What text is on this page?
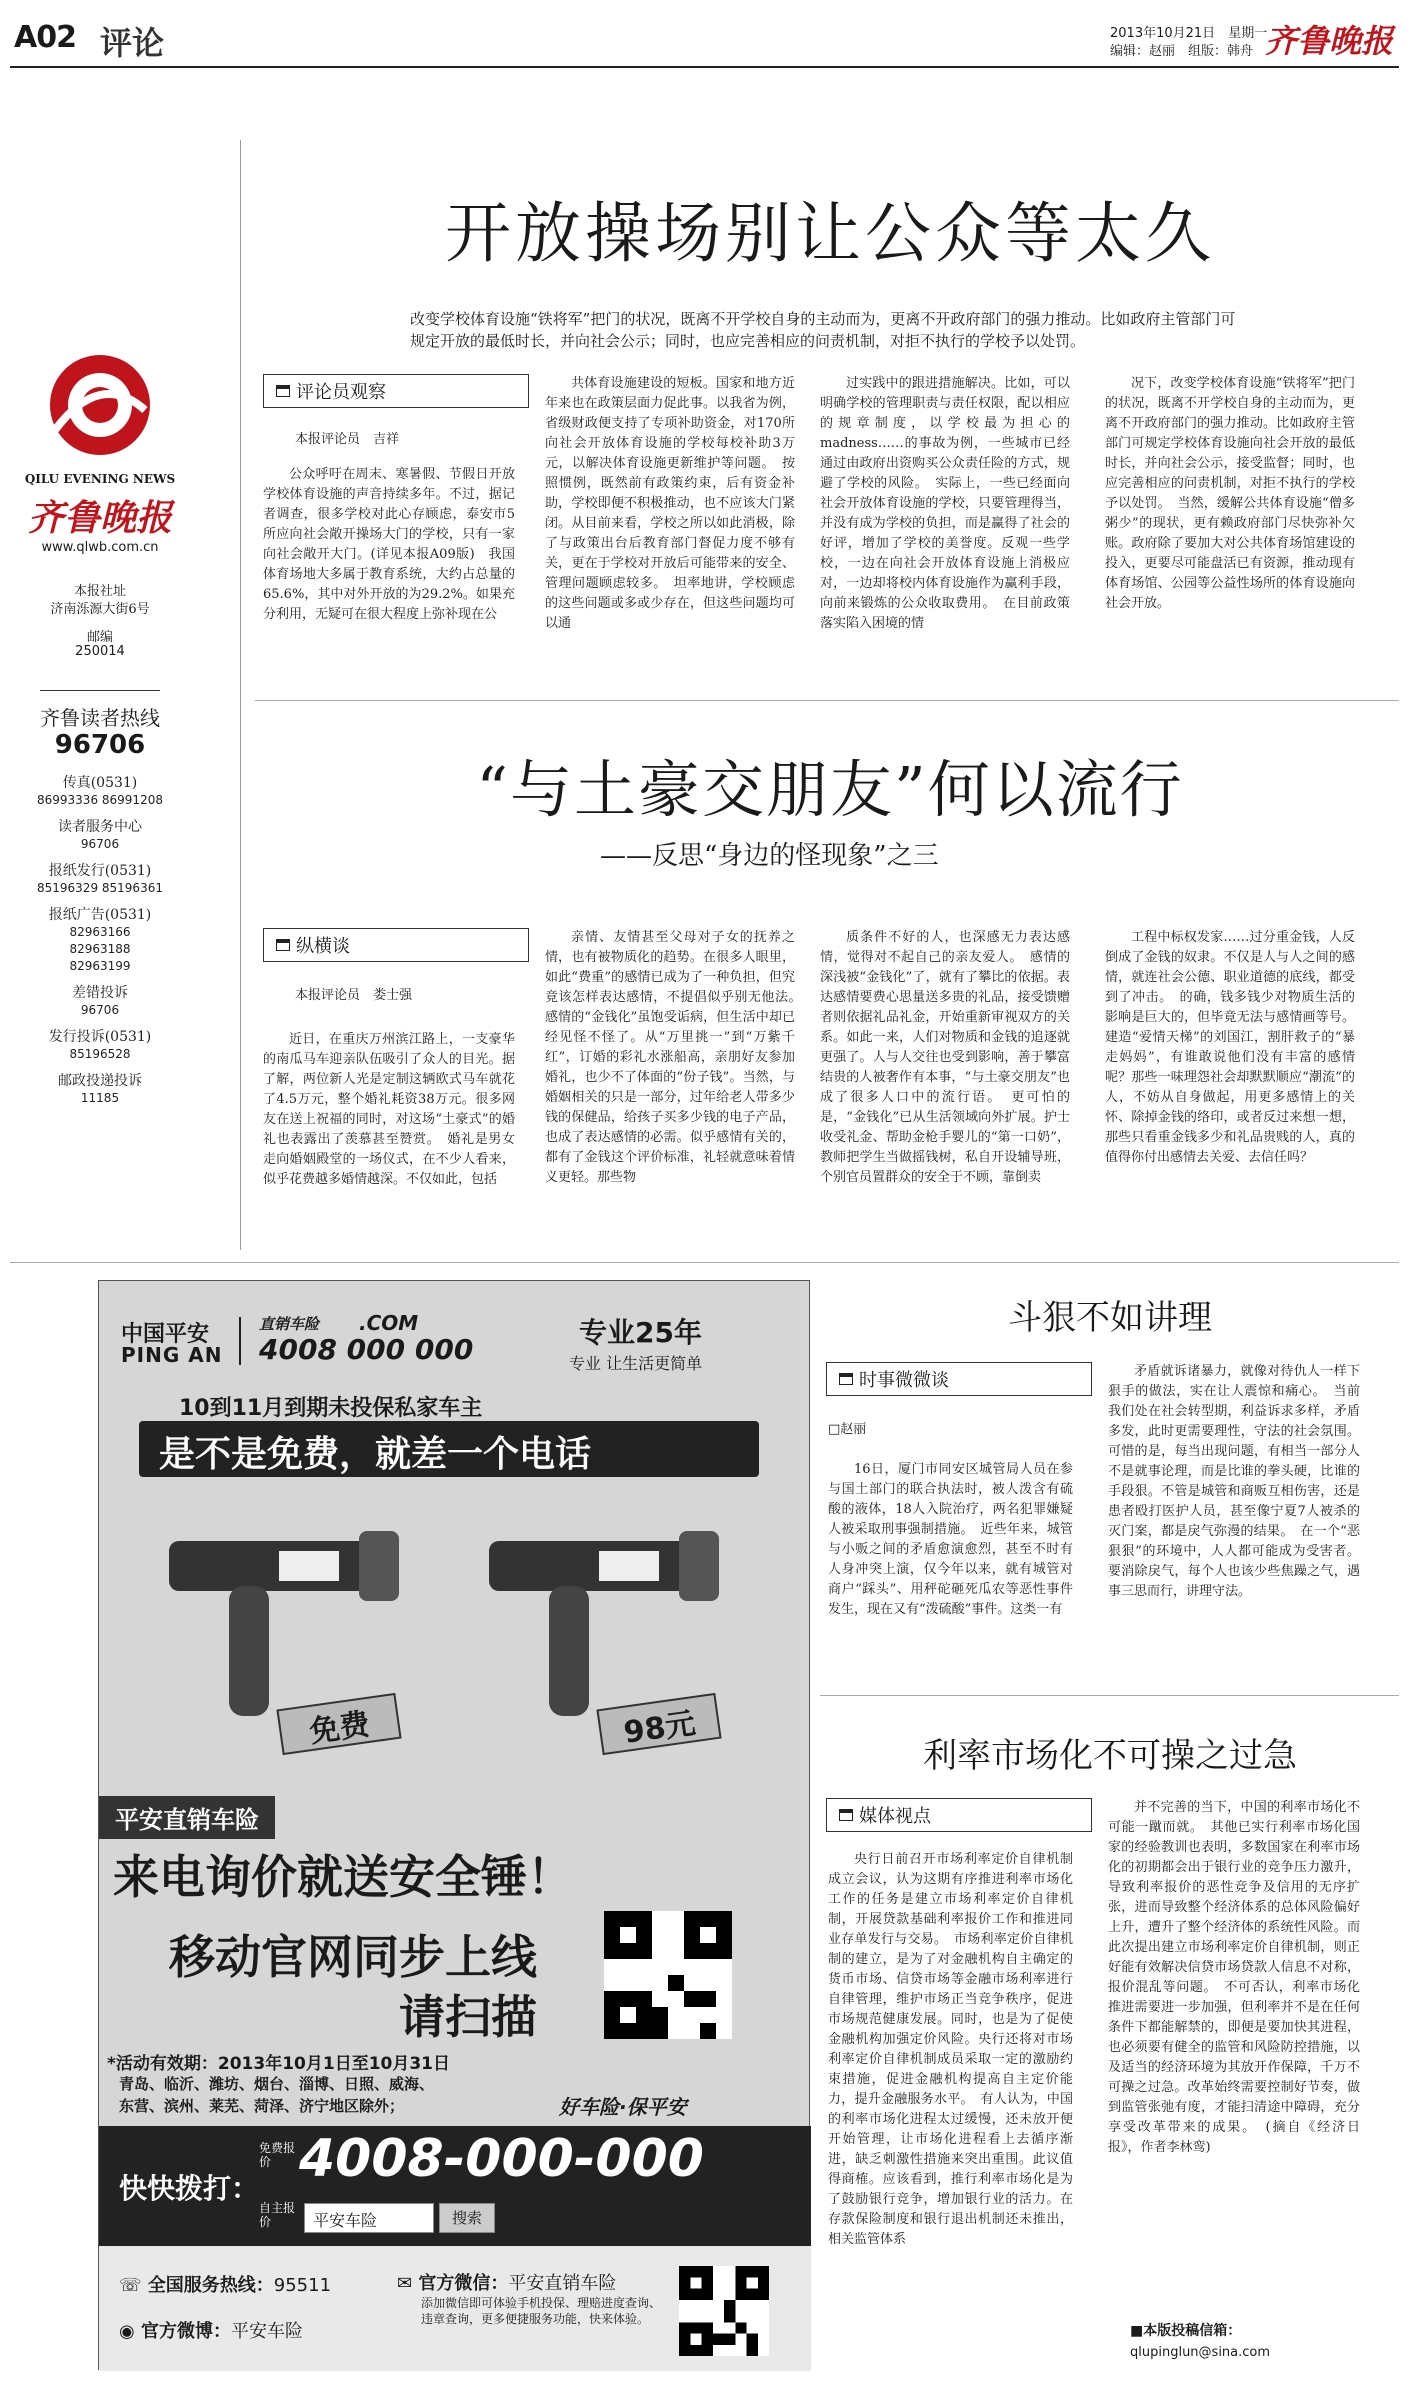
A02 评论	2013年10月21日　 星期一
编辑：赵丽　组版：韩舟 齐鲁晚报
QILU EVENING NEWS
齐鲁晚报
www.qlwb.com.cn
本报社址
济南泺源大街6号
邮编
250014
齐鲁读者热线
96706
传真(0531)
86993336 86991208
读者服务中心
96706
报纸发行(0531)
85196329 85196361
报纸广告(0531)
82963166 82963188 82963199
差错投诉
96706
发行投诉(0531)
85196528
邮政投递投诉
11185
开放操场别让公众等太久
改变学校体育设施“铁将军”把门的状况，既离不开学校自身的主动而为，更离不开政府部门的强力推动。比如政府主管部门可规定开放的最低时长，并向社会公示；同时，也应完善相应的问责机制，对拒不执行的学校予以处罚。
评论员观察
本报评论员　吉祥

公众呼吁在周末、寒暑假、节假日开放学校体育设施的声音持续多年。不过，据记者调查，很多学校对此心存顾虑，泰安市5所应向社会敞开操场大门的学校，只有一家向社会敞开大门。(详见本报A09版)　我国体育场地大多属于教育系统，大约占总量的65.6%，其中对外开放的为29.2%。如果充分利用，无疑可在很大程度上弥补现在公

共体育设施建设的短板。国家和地方近年来也在政策层面力促此事。以我省为例，省级财政便支持了专项补助资金，对170所向社会开放体育设施的学校每校补助3万元，以解决体育设施更新维护等问题。　按照惯例，既然前有政策约束，后有资金补助，学校即便不积极推动，也不应该大门紧闭。从目前来看，学校之所以如此消极，除了与政策出台后教育部门督促力度不够有关，更在于学校对开放后可能带来的安全、管理问题顾虑较多。　坦率地讲，学校顾虑的这些问题或多或少存在，但这些问题均可以通

过实践中的跟进措施解决。比如，可以明确学校的管理职责与责任权限，配以相应的规章制度，以学校最为担心的madness……的事故为例，一些城市已经通过由政府出资购买公众责任险的方式，规避了学校的风险。　实际上，一些已经面向社会开放体育设施的学校，只要管理得当，并没有成为学校的负担，而是赢得了社会的好评，增加了学校的美誉度。反观一些学校，一边在向社会开放体育设施上消极应对，一边却将校内体育设施作为赢利手段，向前来锻炼的公众收取费用。　在目前政策落实陷入困境的情

况下，改变学校体育设施“铁将军”把门的状况，既离不开学校自身的主动而为，更离不开政府部门的强力推动。比如政府主管部门可规定学校体育设施向社会开放的最低时长，并向社会公示，接受监督；同时，也应完善相应的问责机制，对拒不执行的学校予以处罚。　当然，缓解公共体育设施“僧多粥少”的现状，更有赖政府部门尽快弥补欠账。政府除了要加大对公共体育场馆建设的投入，更要尽可能盘活已有资源，推动现有体育场馆、公园等公益性场所的体育设施向社会开放。

“与土豪交朋友”何以流行
——反思“身边的怪现象”之三
纵横谈
本报评论员　娄士强

近日，在重庆万州滨江路上，一支豪华的南瓜马车迎亲队伍吸引了众人的目光。据了解，两位新人光是定制这辆欧式马车就花了4.5万元，整个婚礼耗资38万元。很多网友在送上祝福的同时，对这场“土豪式”的婚礼也表露出了羡慕甚至赞赏。　婚礼是男女走向婚姻殿堂的一场仪式，在不少人看来，似乎花费越多婚情越深。不仅如此，包括

亲情、友情甚至父母对子女的抚养之情，也有被物质化的趋势。在很多人眼里，如此“费重”的感情已成为了一种负担，但究竟该怎样表达感情，不提倡似乎别无他法。　感情的“金钱化”虽饱受诟病，但生活中却已经见怪不怪了。从“万里挑一”到“万紫千红”，订婚的彩礼水涨船高，亲朋好友参加婚礼，也少不了体面的“份子钱”。当然，与婚姻相关的只是一部分，过年给老人带多少钱的保健品，给孩子买多少钱的电子产品，也成了表达感情的必需。似乎感情有关的，都有了金钱这个评价标准，礼轻就意味着情义更轻。那些物

质条件不好的人，也深感无力表达感情，觉得对不起自己的亲友爱人。　感情的深浅被“金钱化”了，就有了攀比的依据。表达感情要费心思量送多贵的礼品，接受馈赠者则依据礼品礼金，开始重新审视双方的关系。如此一来，人们对物质和金钱的追逐就更强了。人与人交往也受到影响，善于攀富结贵的人被奢作有本事，“与土豪交朋友”也成了很多人口中的流行语。　更可怕的是，“金钱化”已从生活领域向外扩展。护士收受礼金、帮助金枪手婴儿的“第一口奶”，教师把学生当做摇钱树，私自开设辅导班，个别官员置群众的安全于不顾，靠倒卖

工程中标权发家……过分重金钱，人反倒成了金钱的奴隶。不仅是人与人之间的感情，就连社会公德、职业道德的底线，都受到了冲击。　的确，钱多钱少对物质生活的影响是巨大的，但毕竟无法与感情画等号。建造“爱情天梯”的刘国江，割肝救子的“暴走妈妈”，有谁敢说他们没有丰富的感情呢？那些一味理怨社会却默默顺应“潮流”的人，不妨从自身做起，用更多感情上的关怀、除掉金钱的络印，或者反过来想一想，那些只看重金钱多少和礼品贵贱的人，真的值得你付出感情去关爱、去信任吗？

中国平安
PING AN
直销车险 .COM
4008 000 000
专业25年
专业 让生活更简单
10到11月到期未投保私家车主
是不是免费，就差一个电话
免费	98元
平安直销车险
来电询价就送安全锤！
移动官网同步上线
请扫描
*活动有效期：2013年10月1日至10月31日
青岛、临沂、潍坊、烟台、淄博、日照、威海、
东营、滨州、莱芜、菏泽、济宁地区除外；	好车险·保平安
快快拨打：
免费报价 4008-000-000
自主报价	平安车险	搜索
☏ 全国服务热线：95511
◉ 官方微博：平安车险
✉ 官方微信：平安直销车险
添加微信即可体验手机投保、理赔进度查询、违章查询，更多便捷服务功能，快来体验。
斗狠不如讲理
时事微微谈
□赵丽

16日，厦门市同安区城管局人员在参与国土部门的联合执法时，被人泼含有硫酸的液体，18人入院治疗，两名犯罪嫌疑人被采取刑事强制措施。　近些年来，城管与小贩之间的矛盾愈演愈烈，甚至不时有人身冲突上演，仅今年以来，就有城管对商户“踩头”、用秤砣砸死瓜农等恶性事件发生，现在又有“泼硫酸”事件。这类一有

矛盾就诉诸暴力，就像对待仇人一样下狠手的做法，实在让人震惊和痛心。　当前我们处在社会转型期，利益诉求多样，矛盾多发，此时更需要理性，守法的社会氛围。可惜的是，每当出现问题，有相当一部分人不是就事论理，而是比谁的拳头硬，比谁的手段狠。不管是城管和商贩互相伤害，还是患者殴打医护人员，甚至像宁夏7人被杀的灭门案，都是戾气弥漫的结果。　在一个“恶狠狠”的环境中，人人都可能成为受害者。要消除戾气，每个人也该少些焦躁之气，遇事三思而行，讲理守法。

利率市场化不可操之过急
媒体视点

央行日前召开市场利率定价自律机制成立会议，认为这期有序推进利率市场化工作的任务是建立市场利率定价自律机制，开展贷款基础利率报价工作和推进同业存单发行与交易。　市场利率定价自律机制的建立，是为了对金融机构自主确定的货币市场、信贷市场等金融市场利率进行自律管理，维护市场正当竞争秩序，促进市场规范健康发展。同时，也是为了促使金融机构加强定价风险。央行还将对市场利率定价自律机制成员采取一定的激励约束措施，促进金融机构提高自主定价能力，提升金融服务水平。　有人认为，中国的利率市场化进程太过缓慢，还未放开便开始管理，让市场化进程看上去循序渐进，缺乏刺激性措施来突出重围。此议值得商榷。应该看到，推行利率市场化是为了鼓励银行竞争，增加银行业的活力。在存款保险制度和银行退出机制还未推出，相关监管体系

并不完善的当下，中国的利率市场化不可能一蹴而就。　其他已实行利率市场化国家的经验教训也表明，多数国家在利率市场化的初期都会出于银行业的竞争压力激升，导致利率报价的恶性竞争及信用的无序扩张，进而导致整个经济体系的总体风险偏好上升，遭升了整个经济体的系统性风险。而此次提出建立市场利率定价自律机制，则正好能有效解决信贷市场贷款人信息不对称，报价混乱等问题。　不可否认，利率市场化推进需要进一步加强，但利率并不是在任何条件下都能解禁的，即便是要加快其进程，也必须要有健全的监管和风险防控措施，以及适当的经济环境为其放开作保障，千万不可操之过急。改革始终需要控制好节奏，做到监管张弛有度，才能扫清途中障碍，充分享受改革带来的成果。　(摘自《经济日报》，作者李林鸾)

■本版投稿信箱：
qlupinglun@sina.com
